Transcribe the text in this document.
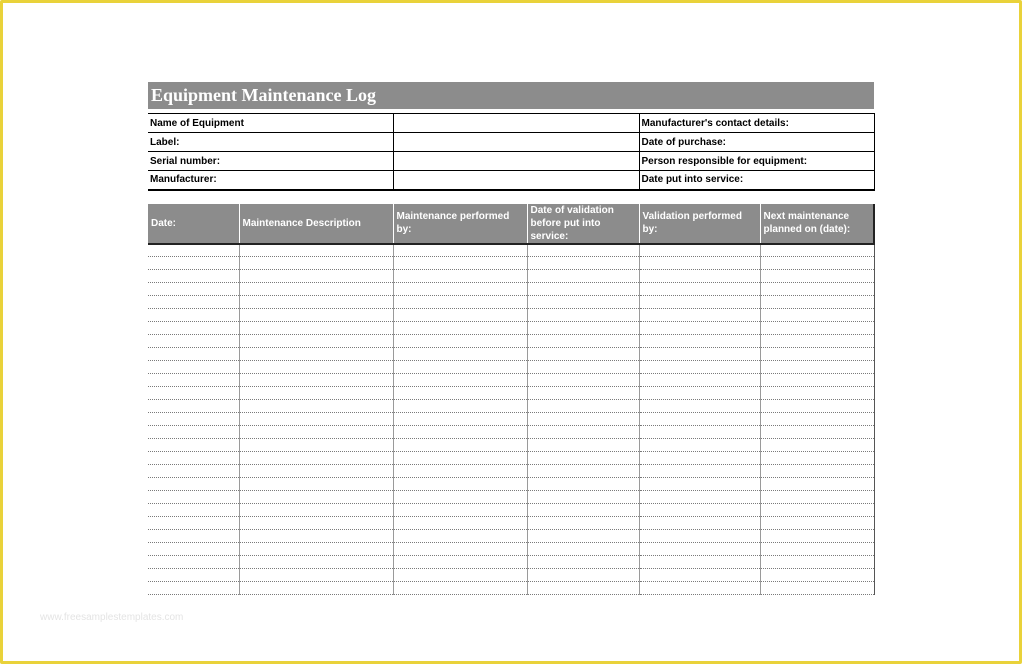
Equipment Maintenance Log
Name of Equipment		Manufacturer's contact details:
Label:		Date of purchase:
Serial number:		Person responsible for equipment:
Manufacturer:		Date put into service:
Date:	Maintenance Description	Maintenance performed by:	Date of validation before put into service:	Validation performed by:	Next maintenance planned on (date):

www.freesamplestemplates.com
